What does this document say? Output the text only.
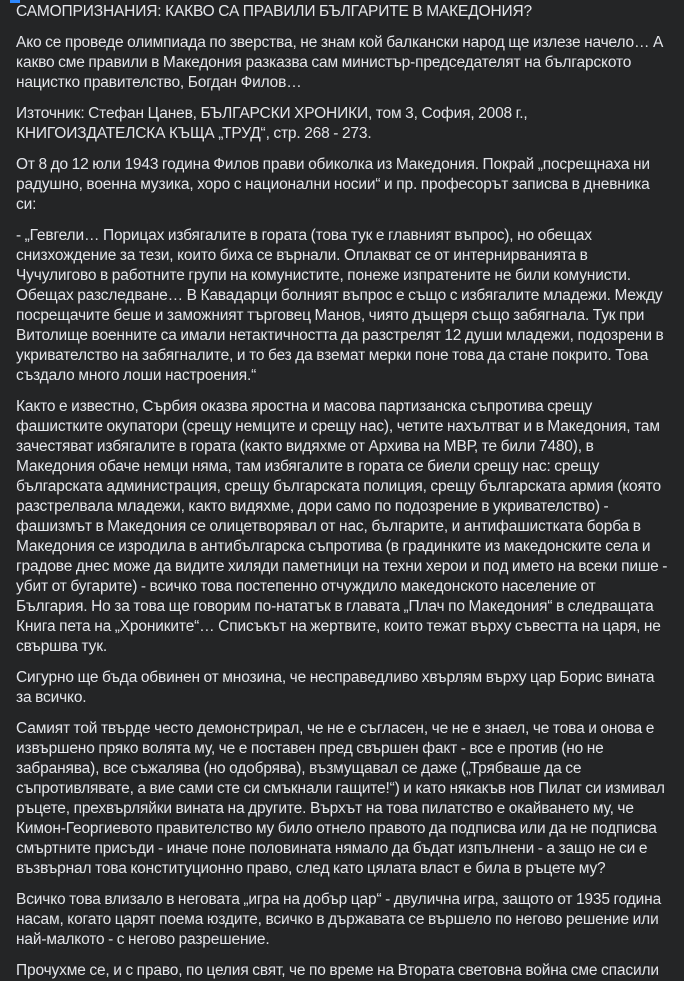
САМОПРИЗНАНИЯ: КАКВО СА ПРАВИЛИ БЪЛГАРИТЕ В МАКЕДОНИЯ?

Ако се проведе олимпиада по зверства, не знам кой балкански народ ще излезе начело… А какво сме правили в Македония разказва сам министър-председателят на българското нацистко правителство, Богдан Филов…

Източник: Стефан Цанев, БЪЛГАРСКИ ХРОНИКИ, том 3, София, 2008 г., КНИГОИЗДАТЕЛСКА КЪЩА „ТРУД“, стр. 268 - 273.

От 8 до 12 юли 1943 година Филов прави обиколка из Македония. Покрай „посрещнаха ни радушно, военна музика, хоро с национални носии“ и пр. професорът записва в дневника си:

- „Гевгели… Порицах избягалите в гората (това тук е главният въпрос), но обещах снизхождение за тези, които биха се върнали. Оплакват се от интернирванията в Чучулигово в работните групи на комунистите, понеже изпратените не били комунисти. Обещах разследване… В Кавадарци болният въпрос е също с избягалите младежи. Между посрещачите беше и заможният търговец Манов, чиято дъщеря също забягнала. Тук при Витолище военните са имали нетактичността да разстрелят 12 души младежи, подозрени в укривателство на забягналите, и то без да вземат мерки поне това да стане покрито. Това създало много лоши настроения.“

Както е известно, Сърбия оказва яростна и масова партизанска съпротива срещу фашистките окупатори (срещу немците и срещу нас), четите нахълтват и в Македония, там зачестяват избягалите в гората (както видяхме от Архива на МВР, те били 7480), в Македония обаче немци няма, там избягалите в гората се биели срещу нас: срещу българската администрация, срещу българската полиция, срещу българската армия (която разстрелвала младежи, както видяхме, дори само по подозрение в укривателство) - фашизмът в Македония се олицетворявал от нас, българите, и антифашистката борба в Македония се изродила в антибългарска съпротива (в градинките из македонските села и градове днес може да видите хиляди паметници на техни херои и под името на всеки пише - убит от бугарите) - всичко това постепенно отчуждило македонското население от България. Но за това ще говорим по-нататък в главата „Плач по Македония“ в следващата Книга пета на „Хрониките“… Списъкът на жертвите, които тежат върху съвестта на царя, не свършва тук.

Сигурно ще бъда обвинен от мнозина, че несправедливо хвърлям върху цар Борис вината за всичко.

Самият той твърде често демонстрирал, че не е съгласен, че не е знаел, че това и онова е извършено пряко волята му, че е поставен пред свършен факт - все е против (но не забранява), все съжалява (но одобрява), възмущавал се даже („Трябваше да се съпротивлявате, а вие сами сте си смъкнали гащите!“) и като някакъв нов Пилат си измивал ръцете, прехвърляйки вината на другите. Върхът на това пилатство е окайването му, че Кимон-Георгиевото правителство му било отнело правото да подписва или да не подписва смъртните присъди - иначе поне половината нямало да бъдат изпълнени - а защо не си е възвърнал това конституционно право, след като цялата власт е била в ръцете му?

Всичко това влизало в неговата „игра на добър цар“ - двулична игра, защото от 1935 година насам, когато царят поема юздите, всичко в държавата се вършело по негово решение или най-малкото - с негово разрешение.

Прочухме се, и с право, по целия свят, че по време на Втората световна война сме спасили
